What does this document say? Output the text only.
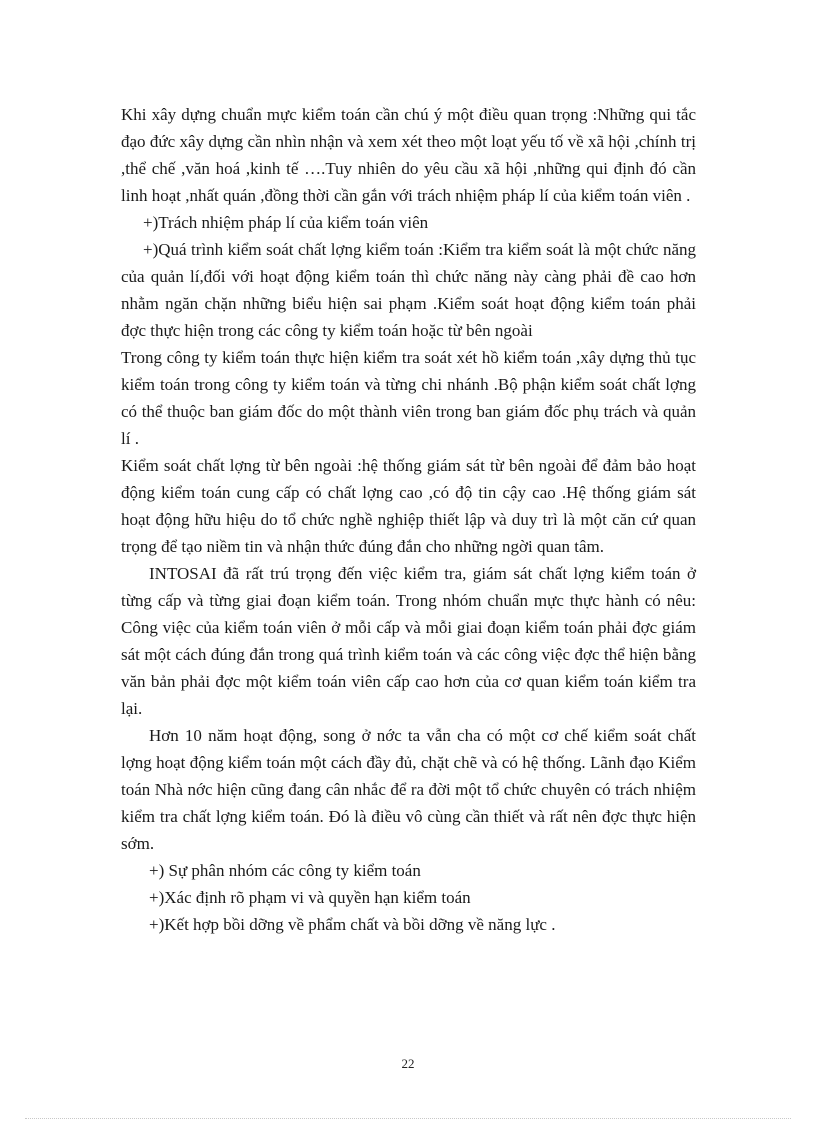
Khi xây dựng chuẩn mực kiểm toán cần chú ý một điều quan trọng :Những qui tắc đạo đức xây dựng cần nhìn nhận và xem xét theo một loạt yếu tố về xã hội ,chính trị ,thể chế ,văn hoá ,kinh tế ….Tuy nhiên do yêu cầu xã hội ,những qui định đó cần linh hoạt ,nhất quán ,đồng thời cần gắn với trách nhiệm pháp lí của kiểm toán viên .

+)Trách nhiệm pháp lí của kiểm toán viên

+)Quá trình kiểm soát chất lợng kiểm toán :Kiểm tra kiểm soát là một chức năng của quản lí,đối với hoạt động kiểm toán thì chức năng này càng phải đề cao hơn nhằm ngăn chặn những biểu hiện sai phạm .Kiểm soát hoạt động kiểm toán phải đợc thực hiện trong các công ty kiểm toán hoặc từ bên ngoài

Trong công ty kiểm toán thực hiện kiểm tra soát xét hồ kiểm toán ,xây dựng thủ tục kiểm toán trong công ty kiểm toán và từng chi nhánh .Bộ phận kiểm soát chất lợng có thể thuộc ban giám đốc do một thành viên trong ban giám đốc phụ trách và quản lí .

Kiểm soát chất lợng từ bên ngoài :hệ thống giám sát từ bên ngoài để đảm bảo hoạt động kiểm toán cung cấp có chất lợng cao ,có độ tin cậy cao .Hệ thống giám sát hoạt động hữu hiệu do tổ chức nghề nghiệp thiết lập và duy trì là một căn cứ quan trọng để tạo niềm tin và nhận thức đúng đắn cho những ngời quan tâm.

INTOSAI đã rất trú trọng đến việc kiểm tra, giám sát chất lợng kiểm toán ở từng cấp và từng giai đoạn kiểm toán. Trong nhóm chuẩn mực thực hành có nêu: Công việc của kiểm toán viên ở mỗi cấp và mỗi giai đoạn kiểm toán phải đợc giám sát một cách đúng đắn trong quá trình kiểm toán và các công việc đợc thể hiện bằng văn bản phải đợc một kiểm toán viên cấp cao hơn của cơ quan kiểm toán kiểm tra lại.

Hơn 10 năm hoạt động, song ở nớc ta vẫn cha có một cơ chế kiểm soát chất lợng hoạt động kiểm toán một cách đầy đủ, chặt chẽ và có hệ thống. Lãnh đạo Kiểm toán Nhà nớc hiện cũng đang cân nhắc để ra đời một tổ chức chuyên có trách nhiệm kiểm tra chất lợng kiểm toán. Đó là điều vô cùng cần thiết và rất nên đợc thực hiện sớm.

+) Sự phân nhóm các công ty kiểm toán

+)Xác định rõ phạm vi và quyền hạn kiểm toán

+)Kết hợp bồi dỡng về phẩm chất và bồi dỡng về năng lực .

22
